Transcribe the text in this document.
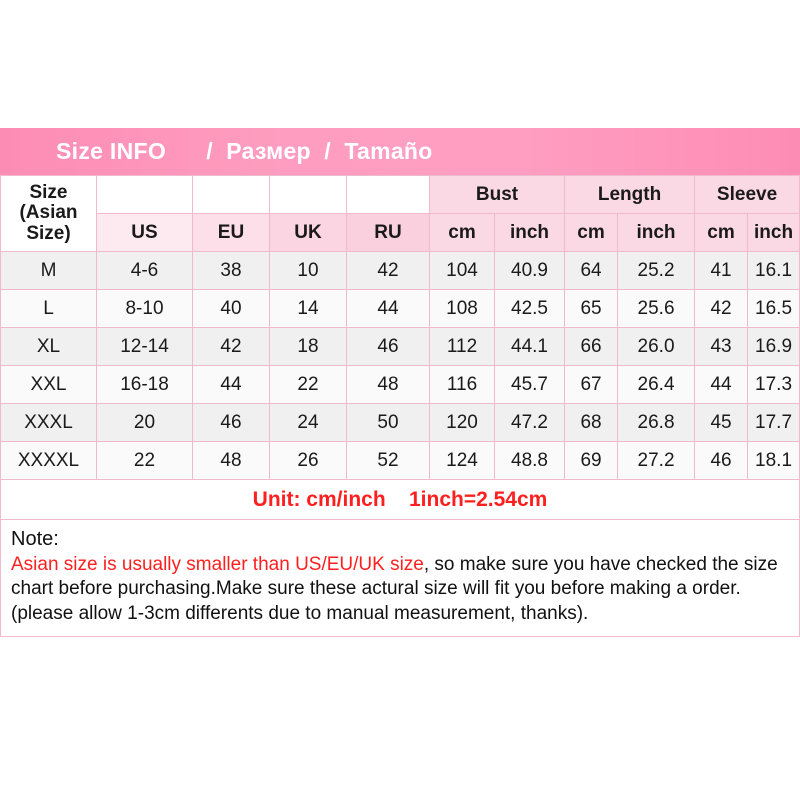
Size INFO      /  Размер  /  Tamaño
Size
(Asian
Size)					Bust		Length		Sleeve	
	US	EU	UK	RU	cm	inch	cm	inch	cm	inch
M	4-6	38	10	42	104	40.9	64	25.2	41	16.1
L	8-10	40	14	44	108	42.5	65	25.6	42	16.5
XL	12-14	42	18	46	112	44.1	66	26.0	43	16.9
XXL	16-18	44	22	48	116	45.7	67	26.4	44	17.3
XXXL	20	46	24	50	120	47.2	68	26.8	45	17.7
XXXXL	22	48	26	52	124	48.8	69	27.2	46	18.1
Unit: cm/inch    1inch=2.54cm
Note:
Asian size is usually smaller than US/EU/UK size, so make sure you have checked the size chart before purchasing.Make sure these actural size will fit you before making a order.(please allow 1-3cm differents due to manual measurement, thanks).
